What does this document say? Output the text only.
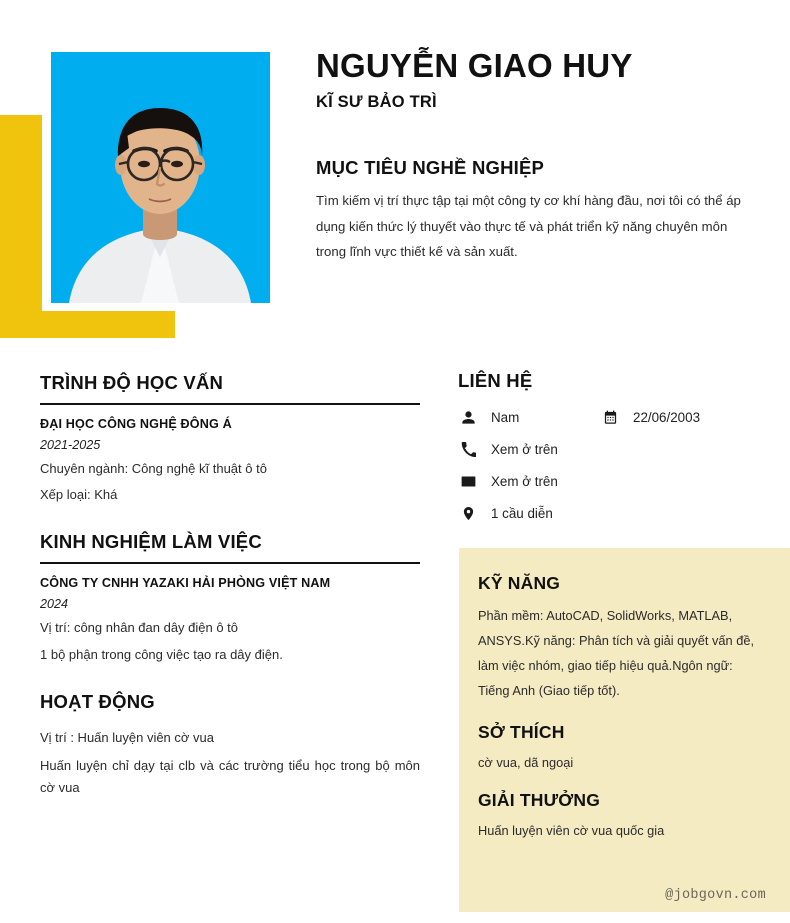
NGUYỄN GIAO HUY
KĨ SƯ BẢO TRÌ
MỤC TIÊU NGHỀ NGHIỆP

Tìm kiếm vị trí thực tập tại một công ty cơ khí hàng đầu, nơi tôi có thể áp dụng kiến thức lý thuyết vào thực tế và phát triển kỹ năng chuyên môn trong lĩnh vực thiết kế và sản xuất.

TRÌNH ĐỘ HỌC VẤN
ĐẠI HỌC CÔNG NGHỆ ĐÔNG Á
2021-2025
Chuyên ngành: Công nghệ kĩ thuật ô tô
Xếp loại: Khá
KINH NGHIỆM LÀM VIỆC
CÔNG TY CNHH YAZAKI HẢI PHÒNG VIỆT NAM
2024
Vị trí: công nhân đan dây điện ô tô
1 bộ phận trong công việc tạo ra dây điện.
HOẠT ĐỘNG

Vị trí : Huấn luyện viên cờ vua

Huấn luyện chỉ dạy tại clb và các trường tiểu học trong bộ môn cờ vua

LIÊN HỆ
Nam	22/06/2003
Xem ở trên
Xem ở trên
1 cầu diễn
KỸ NĂNG

Phần mềm: AutoCAD, SolidWorks, MATLAB, ANSYS.Kỹ năng: Phân tích và giải quyết vấn đề, làm việc nhóm, giao tiếp hiệu quả.Ngôn ngữ: Tiếng Anh (Giao tiếp tốt).

SỞ THÍCH

cờ vua, dã ngoại

GIẢI THƯỞNG

Huấn luyện viên cờ vua quốc gia

@jobgovn.com
